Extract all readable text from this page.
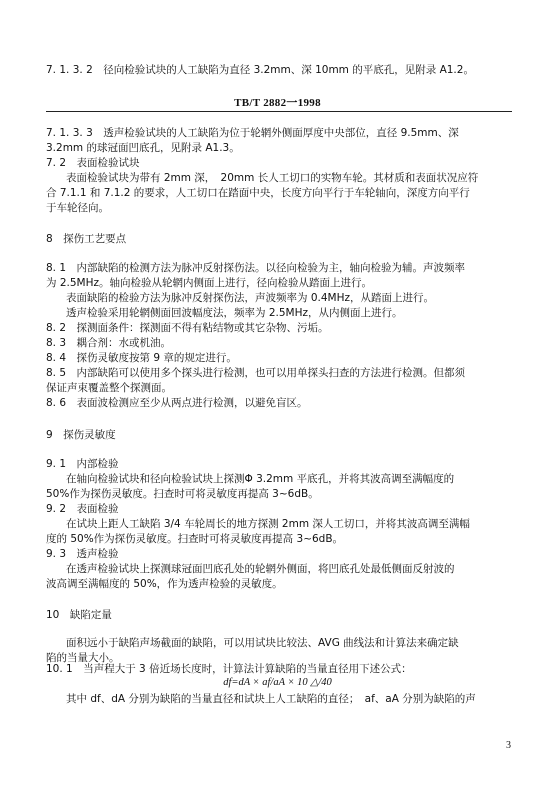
7. 1. 3. 2　径向检验试块的人工缺陷为直径 3.2mm、深 10mm 的平底孔，见附录 A1.2。
TB/T 2882一1998
7. 1. 3. 3　透声检验试块的人工缺陷为位于轮辋外侧面厚度中央部位，直径 9.5mm、深
3.2mm 的球冠面凹底孔，见附录 A1.3。
7. 2　表面检验试块
表面检验试块为带有 2mm 深，　20mm 长人工切口的实物车轮。其材质和表面状况应符
合 7.1.1 和 7.1.2 的要求，人工切口在踏面中央，长度方向平行于车轮轴向，深度方向平行
于车轮径向。
8　探伤工艺要点
8. 1　内部缺陷的检测方法为脉冲反射探伤法。以径向检验为主，轴向检验为辅。声波频率
为 2.5MHz。轴向检验从轮辋内侧面上进行，径向检验从踏面上进行。
表面缺陷的检验方法为脉冲反射探伤法，声波频率为 0.4MHz，从踏面上进行。
透声检验采用轮辋侧面回波幅度法，频率为 2.5MHz，从内侧面上进行。
8. 2　探测面条件：探测面不得有粘结物或其它杂物、污垢。
8. 3　耦合剂：水或机油。
8. 4　探伤灵敏度按第 9 章的规定进行。
8. 5　内部缺陷可以使用多个探头进行检测，也可以用单探头扫查的方法进行检测。但都须
保证声束覆盖整个探测面。
8. 6　表面波检测应至少从两点进行检测，以避免盲区。
9　探伤灵敏度
9. 1　内部检验
在轴向检验试块和径向检验试块上探测Φ 3.2mm 平底孔，并将其波高调至满幅度的
50%作为探伤灵敏度。扫查时可将灵敏度再提高 3~6dB。
9. 2　表面检验
在试块上距人工缺陷 3/4 车轮周长的地方探测 2mm 深人工切口，并将其波高调至满幅
度的 50%作为探伤灵敏度。扫查时可将灵敏度再提高 3~6dB。
9. 3　透声检验
在透声检验试块上探测球冠面凹底孔处的轮辋外侧面，将凹底孔处最低侧面反射波的
波高调至满幅度的 50%，作为透声检验的灵敏度。
10　缺陷定量
面积远小于缺陷声场截面的缺陷，可以用试块比较法、AVG 曲线法和计算法来确定缺
陷的当量大小。
10. 1　当声程大于 3 倍近场长度时，计算法计算缺陷的当量直径用下述公式：
df=dA × af/aA × 10 △/40
其中 df、dA 分别为缺陷的当量直径和试块上人工缺陷的直径；　af、aA 分别为缺陷的声
3
